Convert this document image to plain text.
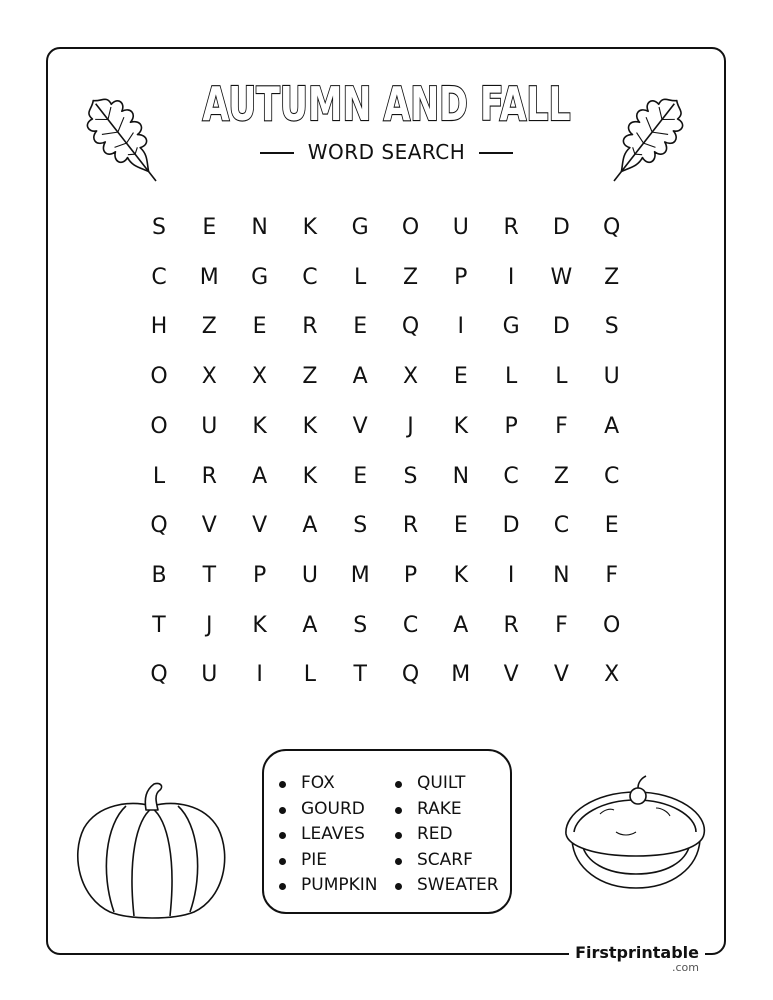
AUTUMN AND FALL
WORD SEARCH
S	E	N	K	G	O	U	R	D	Q
C	M	G	C	L	Z	P	I	W	Z
H	Z	E	R	E	Q	I	G	D	S
O	X	X	Z	A	X	E	L	L	U
O	U	K	K	V	J	K	P	F	A
L	R	A	K	E	S	N	C	Z	C
Q	V	V	A	S	R	E	D	C	E
B	T	P	U	M	P	K	I	N	F
T	J	K	A	S	C	A	R	F	O
Q	U	I	L	T	Q	M	V	V	X
FOX
GOURD
LEAVES
PIE
PUMPKIN
QUILT
RAKE
RED
SCARF
SWEATER
Firstprintable
.com
